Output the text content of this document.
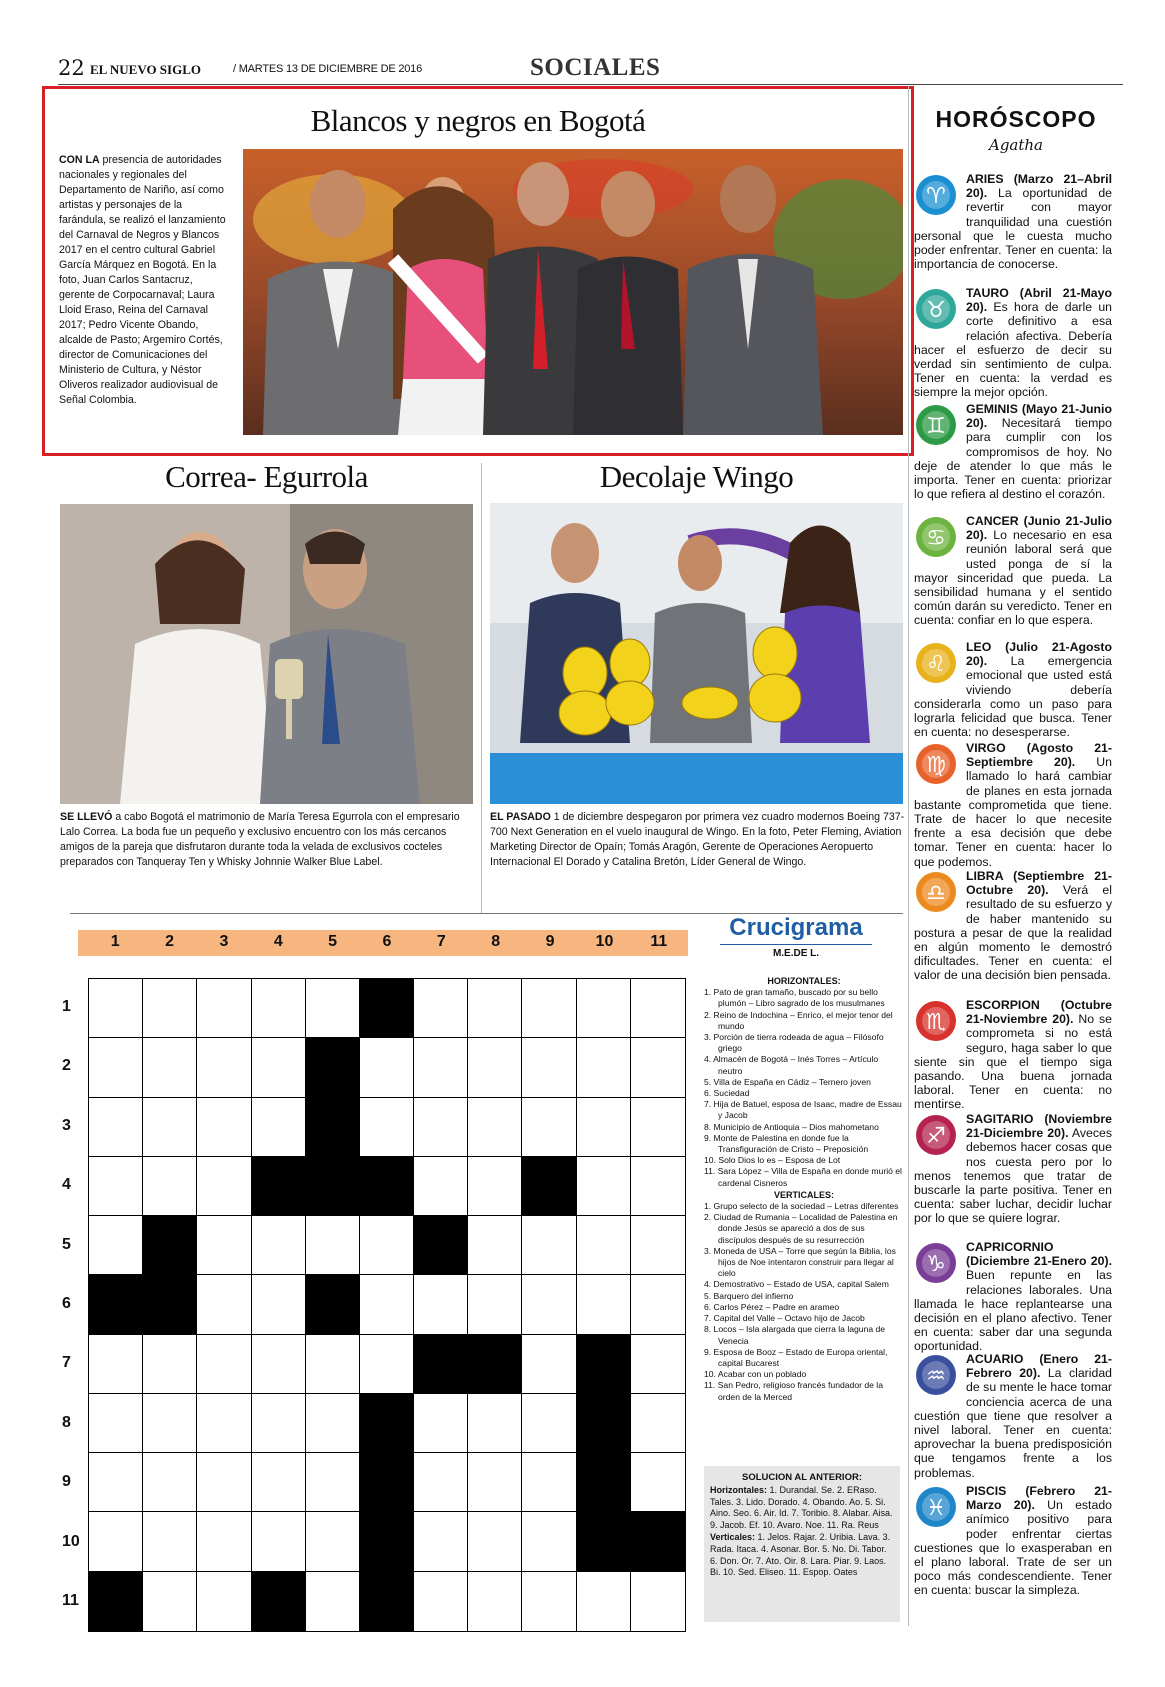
22 EL NUEVO SIGLO	/ MARTES 13 DE DICIEMBRE DE 2016	SOCIALES
Blancos y negros en Bogotá
CON LA presencia de autoridades nacionales y regionales del Departamento de Nariño, así como artistas y personajes de la farándula, se realizó el lanzamiento del Carnaval de Negros y Blancos 2017 en el centro cultural Gabriel García Márquez en Bogotá. En la foto, Juan Carlos Santacruz, gerente de Corpocarnaval; Laura Lloid Eraso, Reina del Carnaval 2017; Pedro Vicente Obando, alcalde de Pasto; Argemiro Cortés, director de Comunicaciones del Ministerio de Cultura, y Néstor Oliveros realizador audiovisual de Señal Colombia.
Correa- Egurrola	Decolaje Wingo
SE LLEVÓ a cabo Bogotá el matrimonio de María Teresa Egurrola con el empresario Lalo Correa. La boda fue un pequeño y exclusivo encuentro con los más cercanos amigos de la pareja que disfrutaron durante toda la velada de exclusivos cocteles preparados con Tanqueray Ten y Whisky Johnnie Walker Blue Label.
EL PASADO 1 de diciembre despegaron por primera vez cuadro modernos Boeing 737-700 Next Generation en el vuelo inaugural de Wingo. En la foto, Peter Fleming, Aviation Marketing Director de Opaín; Tomás Aragón, Gerente de Operaciones Aeropuerto Internacional El Dorado y Catalina Bretón, Líder General de Wingo.
1	2	3	4	5	6	7	8	9	10	11
1
2
3
4
5
6
7
8
9
10
11
Crucigrama
M.E.DE L.
HORIZONTALES:
1. Pato de gran tamaño, buscado por su bello plumón – Libro sagrado de los musulmanes
2. Reino de Indochina – Enrico, el mejor tenor del mundo
3. Porción de tierra rodeada de agua – Filósofo griego
4. Almacén de Bogotá – Inés Torres – Artículo neutro
5. Villa de España en Cádiz – Ternero joven
6. Suciedad
7. Hija de Batuel, esposa de Isaac, madre de Essau y Jacob
8. Municipio de Antioquia – Dios mahometano
9. Monte de Palestina en donde fue la Transfiguración de Cristo – Preposición
10. Solo Dios lo es – Esposa de Lot
11. Sara López – Villa de España en donde murió el cardenal Cisneros
VERTICALES:
1. Grupo selecto de la sociedad – Letras diferentes
2. Ciudad de Rumania – Localidad de Palestina en donde Jesús se apareció a dos de sus discípulos después de su resurrección
3. Moneda de USA – Torre que según la Biblia, los hijos de Noe intentaron construir para llegar al cielo
4. Demostrativo – Estado de USA, capital Salem
5. Barquero del infierno
6. Carlos Pérez – Padre en arameo
7. Capital del Valle – Octavo hijo de Jacob
8. Locos – Isla alargada que cierra la laguna de Venecia
9. Esposa de Booz – Estado de Europa oriental, capital Bucarest
10. Acabar con un poblado
11. San Pedro, religioso francés fundador de la orden de la Merced
SOLUCION AL ANTERIOR:
Horizontales: 1. Durandal. Se. 2. ERaso. Tales. 3. Lido. Dorado. 4. Obando. Ao. 5. Si. Aino. Seo. 6. Air. Id. 7. Toribio. 8. Alabar. Aisa. 9. Jacob. Ef. 10. Avaro. Noe. 11. Ra. Reus
Verticales: 1. Jelos. Rajar. 2. Uribia. Lava. 3. Rada. Itaca. 4. Asonar. Bor. 5. No. Di. Tabor. 6. Don. Or. 7. Ato. Oir. 8. Lara. Piar. 9. Laos. Bi. 10. Sed. Eliseo. 11. Espop. Oates
HORÓSCOPO
Agatha
♈
ARIES (Marzo 21–Abril 20). La oportunidad de revertir con mayor tranquilidad una cuestión personal que le cuesta mucho poder enfrentar. Tener en cuenta: la importancia de conocerse.
♉
TAURO (Abril 21-Mayo 20). Es hora de darle un corte definitivo a esa relación afectiva. Debería hacer el esfuerzo de decir su verdad sin sentimiento de culpa. Tener en cuenta: la verdad es siempre la mejor opción.
♊
GEMINIS (Mayo 21-Junio 20). Necesitará tiempo para cumplir con los compromisos de hoy. No deje de atender lo que más le importa. Tener en cuenta: priorizar lo que refiera al destino el corazón.
♋
CANCER (Junio 21-Julio 20). Lo necesario en esa reunión laboral será que usted ponga de sí la mayor sinceridad que pueda. La sensibilidad humana y el sentido común darán su veredicto. Tener en cuenta: confiar en lo que espera.
♌
LEO (Julio 21-Agosto 20). La emergencia emocional que usted está viviendo debería considerarla como un paso para lograrla felicidad que busca. Tener en cuenta: no desesperarse.
♍
VIRGO (Agosto 21-Septiembre 20). Un llamado lo hará cambiar de planes en esta jornada bastante comprometida que tiene. Trate de hacer lo que necesite frente a esa decisión que debe tomar. Tener en cuenta: hacer lo que podemos.
♎
LIBRA (Septiembre 21-Octubre 20). Verá el resultado de su esfuerzo y de haber mantenido su postura a pesar de que la realidad en algún momento le demostró dificultades. Tener en cuenta: el valor de una decisión bien pensada.
♏
ESCORPION (Octubre 21-Noviembre 20). No se comprometa si no está seguro, haga saber lo que siente sin que el tiempo siga pasando. Una buena jornada laboral. Tener en cuenta: no mentirse.
♐
SAGITARIO (Noviembre 21-Diciembre 20). Aveces debemos hacer cosas que nos cuesta pero por lo menos tenemos que tratar de buscarle la parte positiva. Tener en cuenta: saber luchar, decidir luchar por lo que se quiere lograr.
♑
CAPRICORNIO (Diciembre 21-Enero 20). Buen repunte en las relaciones laborales. Una llamada le hace replantearse una decisión en el plano afectivo. Tener en cuenta: saber dar una segunda oportunidad.
♒
ACUARIO (Enero 21-Febrero 20). La claridad de su mente le hace tomar conciencia acerca de una cuestión que tiene que resolver a nivel laboral. Tener en cuenta: aprovechar la buena predisposición que tengamos frente a los problemas.
♓
PISCIS (Febrero 21-Marzo 20). Un estado anímico positivo para poder enfrentar ciertas cuestiones que lo exasperaban en el plano laboral. Trate de ser un poco más condescendiente. Tener en cuenta: buscar la simpleza.
